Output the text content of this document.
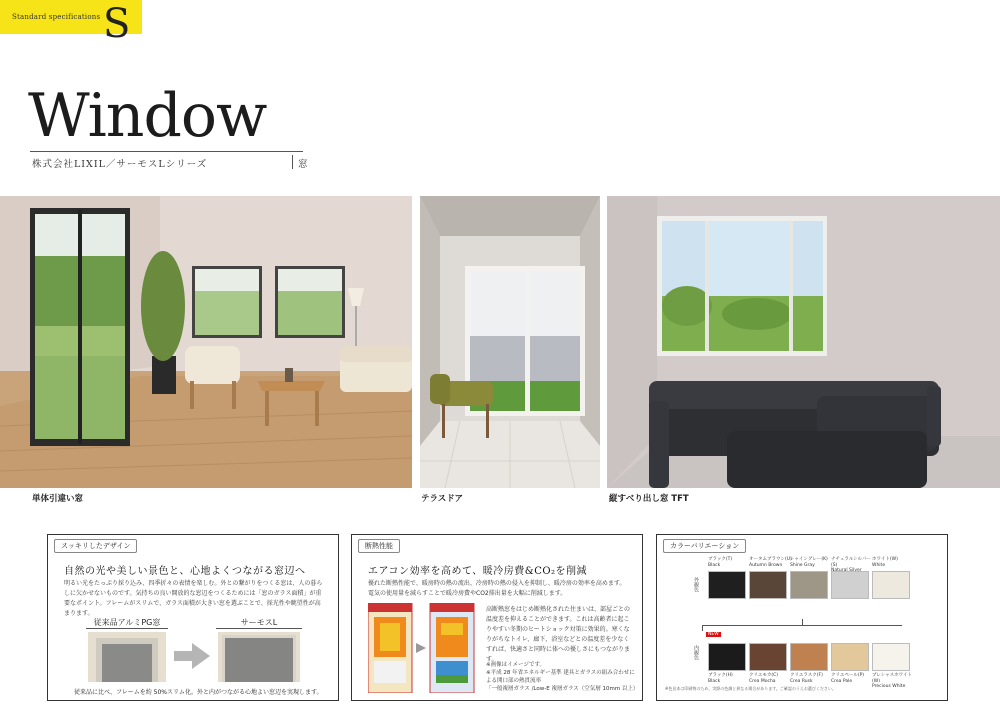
Standard specifications S
Window
株式会社LIXIL／サーモスLシリーズ	窓
単体引違い窓	テラスドア	縦すべり出し窓 TFT
スッキリしたデザイン
自然の光や美しい景色と、心地よくつながる窓辺へ
明るい光をたっぷり採り込み、四季折々の表情を楽しむ。外との繋がりをつくる窓は、人の暮らしに欠かせないものです。気持ちの良い開放的な窓辺をつくるためには「窓のガラス面積」が重要なポイント。フレームがスリムで、ガラス面積が大きい窓を選ぶことで、採光性や眺望性が高まります。
従来品アルミPG窓	サーモスL
従来品に比べ、フレームを約 50%スリム化。外と内がつながる心地よい窓辺を実現します。
断熱性能
エアコン効率を高めて、暖冷房費&CO₂を削減
優れた断熱性能で、暖房時の熱の流出、冷房時の熱の侵入を抑制し、暖冷房の効率を高めます。電気の使用量を減らすことで暖冷房費やCO2排出量を大幅に削減します。
高断熱窓をはじめ断熱化された住まいは、部屋ごとの温度差を抑えることができます。これは高齢者に起こりやすい冬期のヒートショック対策に効果的。寒くなりがちなトイレ、廊下、浴室などとの温度差を少なくすれば、快適さと同時に体への優しさにもつながります。
※画像はイメージです。
※平成 28 年省エネルギー基準 建具とガラスの組み合わせによる開口部の熱貫流率
「一般複層ガラス /Low-E 複層ガラス（空気層 10mm 以上）
カラーバリエーション
外観色
内観色
NEW
※色見本は印刷物のため、実際の色調と異なる場合があります。ご確認のうえお選びください。
ブラック(T)
Black
オータムブラウン(U)
Autumn Brown
シャイングレー(K)
Shine Gray
ナチュラルシルバー(S)

ホワイト(W)
White
ブラック(H)
Black
クリエモカ(C)
Crea Mocha
クリエラスク(F)
Crea Rusk
クリエペール(P)
Crea Pale
プレシャスホワイト(W)
Precious White
